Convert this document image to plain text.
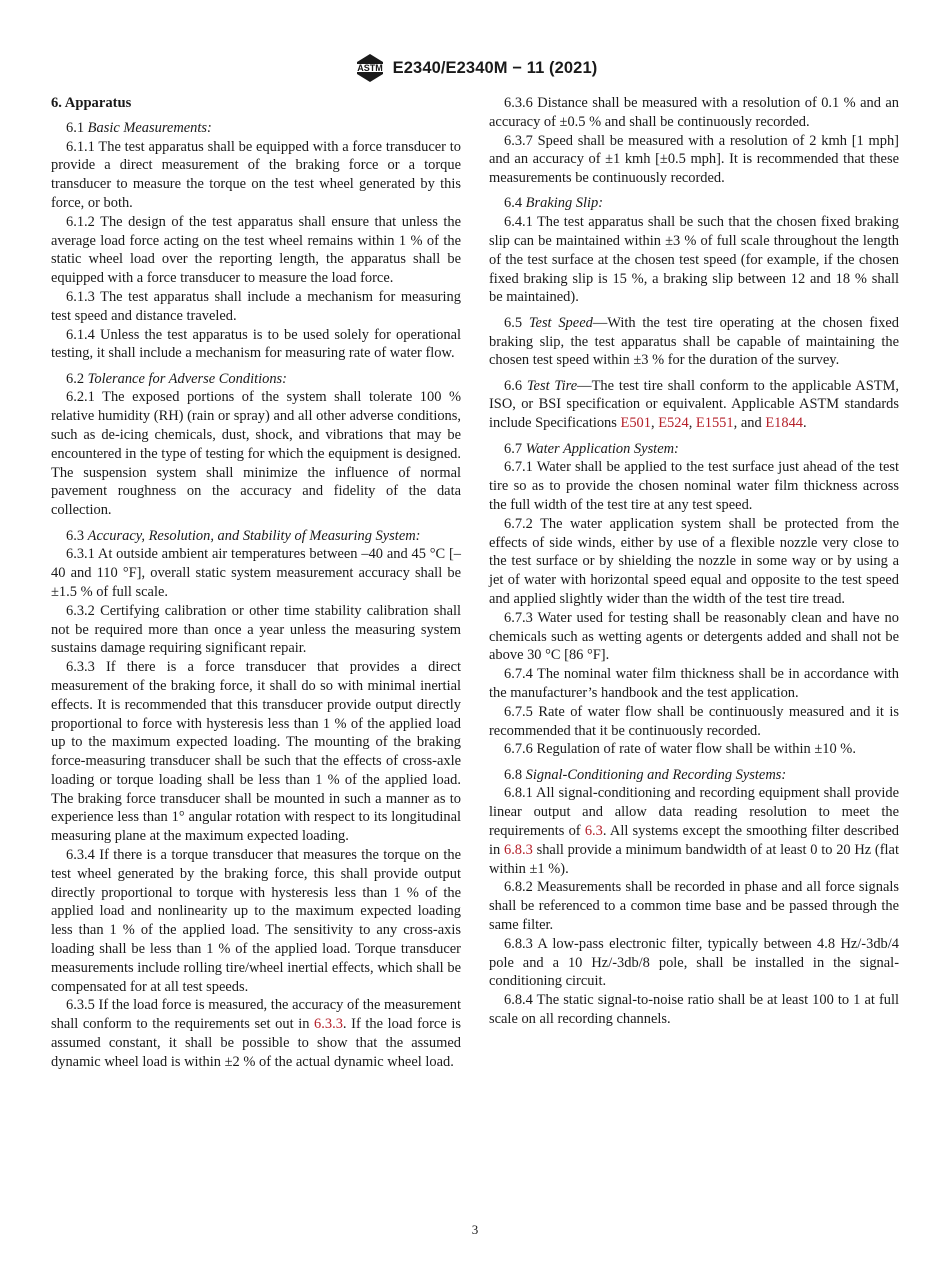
ASTM E2340/E2340M − 11 (2021)
6. Apparatus

6.1 Basic Measurements:

6.1.1 The test apparatus shall be equipped with a force transducer to provide a direct measurement of the braking force or a torque transducer to measure the torque on the test wheel generated by this force, or both.

6.1.2 The design of the test apparatus shall ensure that unless the average load force acting on the test wheel remains within 1 % of the static wheel load over the reporting length, the apparatus shall be equipped with a force transducer to measure the load force.

6.1.3 The test apparatus shall include a mechanism for measuring test speed and distance traveled.

6.1.4 Unless the test apparatus is to be used solely for operational testing, it shall include a mechanism for measuring rate of water flow.

6.2 Tolerance for Adverse Conditions:

6.2.1 The exposed portions of the system shall tolerate 100 % relative humidity (RH) (rain or spray) and all other adverse conditions, such as de-icing chemicals, dust, shock, and vibrations that may be encountered in the type of testing for which the equipment is designed. The suspension system shall minimize the influence of normal pavement roughness on the accuracy and fidelity of the data collection.

6.3 Accuracy, Resolution, and Stability of Measuring System:

6.3.1 At outside ambient air temperatures between –40 and 45 °C [–40 and 110 °F], overall static system measurement accuracy shall be ±1.5 % of full scale.

6.3.2 Certifying calibration or other time stability calibration shall not be required more than once a year unless the measuring system sustains damage requiring significant repair.

6.3.3 If there is a force transducer that provides a direct measurement of the braking force, it shall do so with minimal inertial effects. It is recommended that this transducer provide output directly proportional to force with hysteresis less than 1 % of the applied load up to the maximum expected loading. The mounting of the braking force-measuring transducer shall be such that the effects of cross-axle loading or torque loading shall be less than 1 % of the applied load. The braking force transducer shall be mounted in such a manner as to experience less than 1° angular rotation with respect to its longitudinal measuring plane at the maximum expected loading.

6.3.4 If there is a torque transducer that measures the torque on the test wheel generated by the braking force, this shall provide output directly proportional to torque with hysteresis less than 1 % of the applied load and nonlinearity up to the maximum expected loading less than 1 % of the applied load. The sensitivity to any cross-axis loading shall be less than 1 % of the applied load. Torque transducer measurements include rolling tire/wheel inertial effects, which shall be compensated for at all test speeds.

6.3.5 If the load force is measured, the accuracy of the measurement shall conform to the requirements set out in 6.3.3. If the load force is assumed constant, it shall be possible to show that the assumed dynamic wheel load is within ±2 % of the actual dynamic wheel load.

6.3.6 Distance shall be measured with a resolution of 0.1 % and an accuracy of ±0.5 % and shall be continuously recorded.

6.3.7 Speed shall be measured with a resolution of 2 kmh [1 mph] and an accuracy of ±1 kmh [±0.5 mph]. It is recommended that these measurements be continuously recorded.

6.4 Braking Slip:

6.4.1 The test apparatus shall be such that the chosen fixed braking slip can be maintained within ±3 % of full scale throughout the length of the test surface at the chosen test speed (for example, if the chosen fixed braking slip is 15 %, a braking slip between 12 and 18 % shall be maintained).

6.5 Test Speed—With the test tire operating at the chosen fixed braking slip, the test apparatus shall be capable of maintaining the chosen test speed within ±3 % for the duration of the survey.

6.6 Test Tire—The test tire shall conform to the applicable ASTM, ISO, or BSI specification or equivalent. Applicable ASTM standards include Specifications E501, E524, E1551, and E1844.

6.7 Water Application System:

6.7.1 Water shall be applied to the test surface just ahead of the test tire so as to provide the chosen nominal water film thickness across the full width of the test tire at any test speed.

6.7.2 The water application system shall be protected from the effects of side winds, either by use of a flexible nozzle very close to the test surface or by shielding the nozzle in some way or by using a jet of water with horizontal speed equal and opposite to the test speed and applied slightly wider than the width of the test tire tread.

6.7.3 Water used for testing shall be reasonably clean and have no chemicals such as wetting agents or detergents added and shall not be above 30 °C [86 °F].

6.7.4 The nominal water film thickness shall be in accordance with the manufacturer’s handbook and the test application.

6.7.5 Rate of water flow shall be continuously measured and it is recommended that it be continuously recorded.

6.7.6 Regulation of rate of water flow shall be within ±10 %.

6.8 Signal-Conditioning and Recording Systems:

6.8.1 All signal-conditioning and recording equipment shall provide linear output and allow data reading resolution to meet the requirements of 6.3. All systems except the smoothing filter described in 6.8.3 shall provide a minimum bandwidth of at least 0 to 20 Hz (flat within ±1 %).

6.8.2 Measurements shall be recorded in phase and all force signals shall be referenced to a common time base and be passed through the same filter.

6.8.3 A low-pass electronic filter, typically between 4.8 Hz/-3db/4 pole and a 10 Hz/-3db/8 pole, shall be installed in the signal-conditioning circuit.

6.8.4 The static signal-to-noise ratio shall be at least 100 to 1 at full scale on all recording channels.

3
